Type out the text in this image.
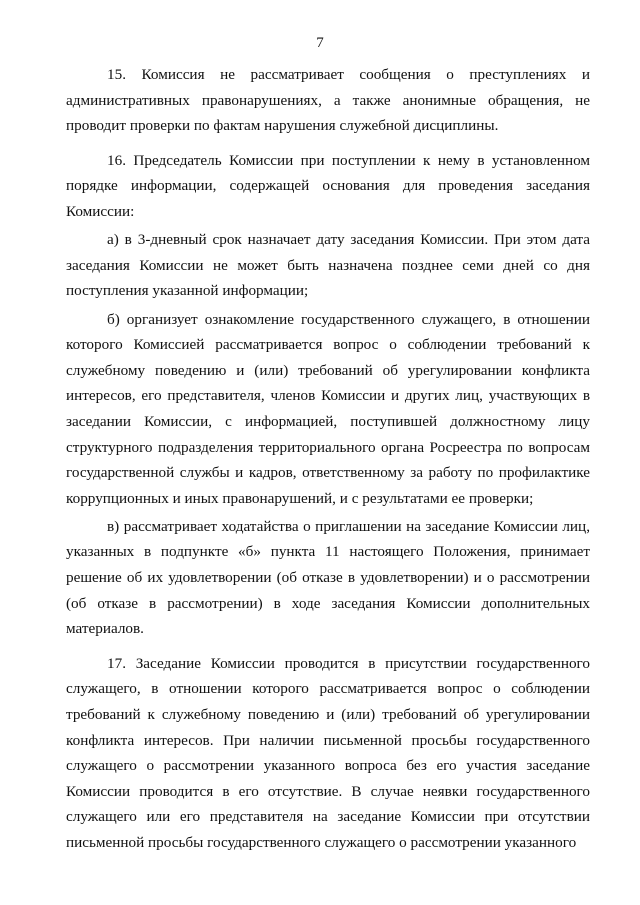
7

15. Комиссия не рассматривает сообщения о преступлениях и административных правонарушениях, а также анонимные обращения, не проводит проверки по фактам нарушения служебной дисциплины.

16. Председатель Комиссии при поступлении к нему в установленном порядке информации, содержащей основания для проведения заседания Комиссии:

а) в 3-дневный срок назначает дату заседания Комиссии. При этом дата заседания Комиссии не может быть назначена позднее семи дней со дня поступления указанной информации;

б) организует ознакомление государственного служащего, в отношении которого Комиссией рассматривается вопрос о соблюдении требований к служебному поведению и (или) требований об урегулировании конфликта интересов, его представителя, членов Комиссии и других лиц, участвующих в заседании Комиссии, с информацией, поступившей должностному лицу структурного подразделения территориального органа Росреестра по вопросам государственной службы и кадров, ответственному за работу по профилактике коррупционных и иных правонарушений, и с результатами ее проверки;

в) рассматривает ходатайства о приглашении на заседание Комиссии лиц, указанных в подпункте «б» пункта 11 настоящего Положения, принимает решение об их удовлетворении (об отказе в удовлетворении) и о рассмотрении (об отказе в рассмотрении) в ходе заседания Комиссии дополнительных материалов.

17. Заседание Комиссии проводится в присутствии государственного служащего, в отношении которого рассматривается вопрос о соблюдении требований к служебному поведению и (или) требований об урегулировании конфликта интересов. При наличии письменной просьбы государственного служащего о рассмотрении указанного вопроса без его участия заседание Комиссии проводится в его отсутствие. В случае неявки государственного служащего или его представителя на заседание Комиссии при отсутствии письменной просьбы государственного служащего о рассмотрении указанного
